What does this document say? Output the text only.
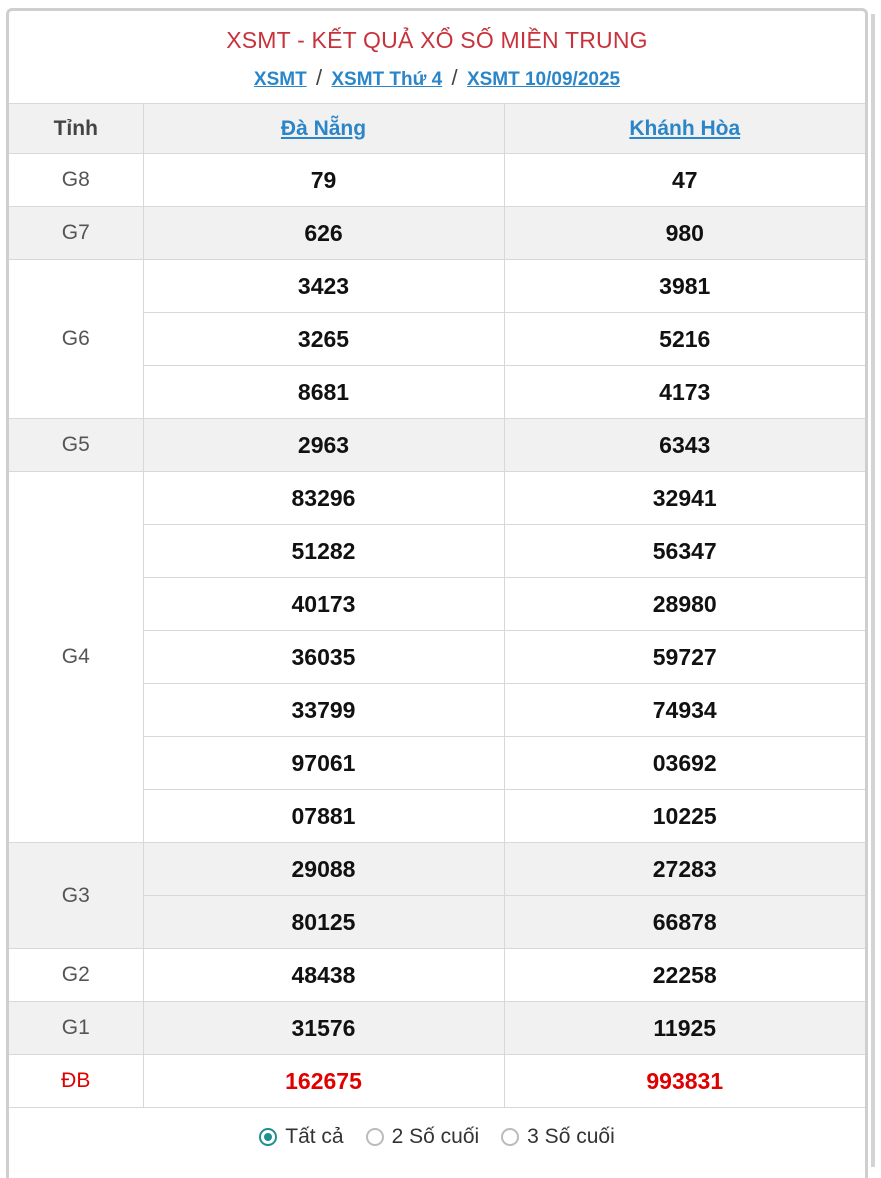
XSMT - KẾT QUẢ XỔ SỐ MIỀN TRUNG
XSMT / XSMT Thứ 4 / XSMT 10/09/2025
Tỉnh	Đà Nẵng	Khánh Hòa
G8	79	47
G7	626	980
G6	3423	3981
	3265	5216
	8681	4173
G5	2963	6343
G4	83296	32941
	51282	56347
	40173	28980
	36035	59727
	33799	74934
	97061	03692
	07881	10225
G3	29088	27283
	80125	66878
G2	48438	22258
G1	31576	11925
ĐB	162675	993831
Tất cả 2 Số cuối 3 Số cuối
